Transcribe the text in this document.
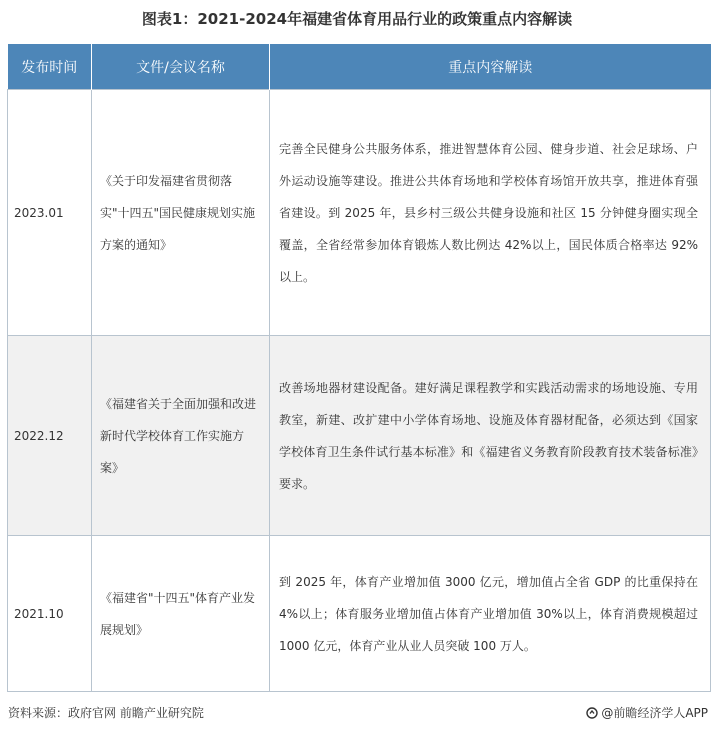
图表1：2021-2024年福建省体育用品行业的政策重点内容解读
发布时间	文件/会议名称	重点内容解读
2023.01	《关于印发福建省贯彻落实"十四五"国民健康规划实施方案的通知》	完善全民健身公共服务体系，推进智慧体育公园、健身步道、社会足球场、户外运动设施等建设。推进公共体育场地和学校体育场馆开放共享，推进体育强省建设。到 2025 年，县乡村三级公共健身设施和社区 15 分钟健身圈实现全覆盖，全省经常参加体育锻炼人数比例达 42%以上，国民体质合格率达 92%以上。
2022.12	《福建省关于全面加强和改进新时代学校体育工作实施方案》	改善场地器材建设配备。建好满足课程教学和实践活动需求的场地设施、专用教室，新建、改扩建中小学体育场地、设施及体育器材配备，必须达到《国家学校体育卫生条件试行基本标准》和《福建省义务教育阶段教育技术装备标准》要求。
2021.10	《福建省"十四五"体育产业发展规划》	到 2025 年，体育产业增加值 3000 亿元，增加值占全省 GDP 的比重保持在 4%以上；体育服务业增加值占体育产业增加值 30%以上，体育消费规模超过 1000 亿元，体育产业从业人员突破 100 万人。
资料来源：政府官网 前瞻产业研究院	@前瞻经济学人APP
